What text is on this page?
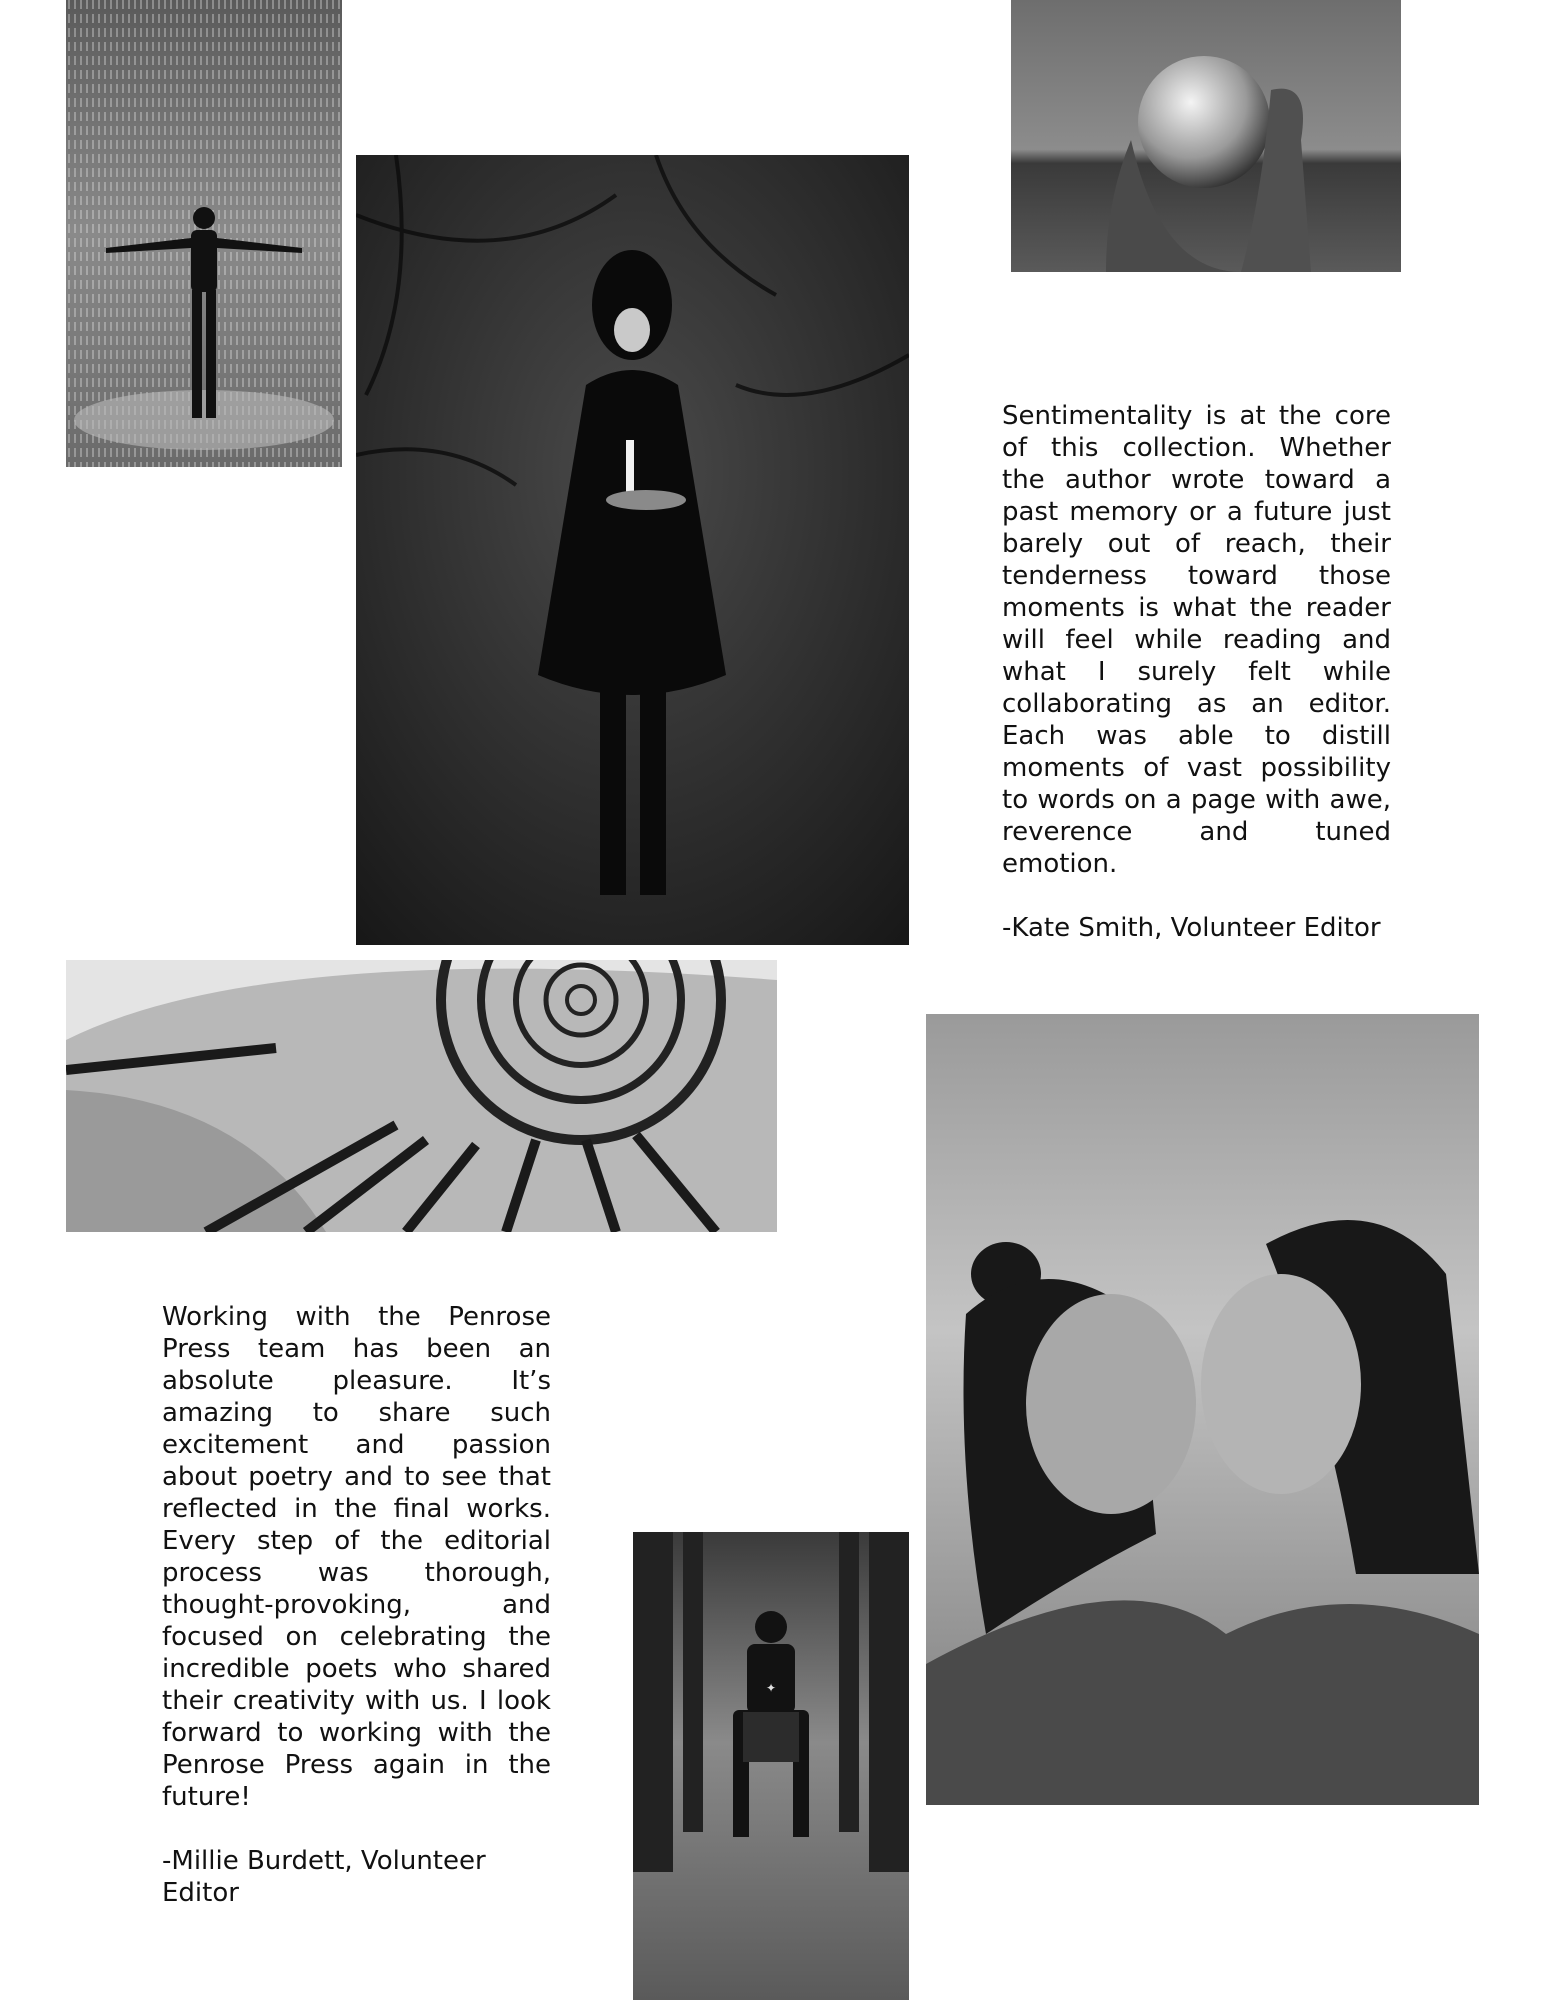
Sentimentality is at the core of this collection. Whether the author wrote toward a past memory or a future just barely out of reach, their tenderness toward those moments is what the reader will feel while reading and what I surely felt while collaborating as an editor. Each was able to distill moments of vast possibility to words on a page with awe, reverence and tuned emotion.

-Kate Smith, Volunteer Editor

Working with the Penrose Press team has been an absolute pleasure. It’s amazing to share such excitement and passion about poetry and to see that reflected in the final works. Every step of the editorial process was thorough, thought-provoking, and focused on celebrating the incredible poets who shared their creativity with us. I look forward to working with the Penrose Press again in the future!

-Millie Burdett, Volunteer Editor

✦
